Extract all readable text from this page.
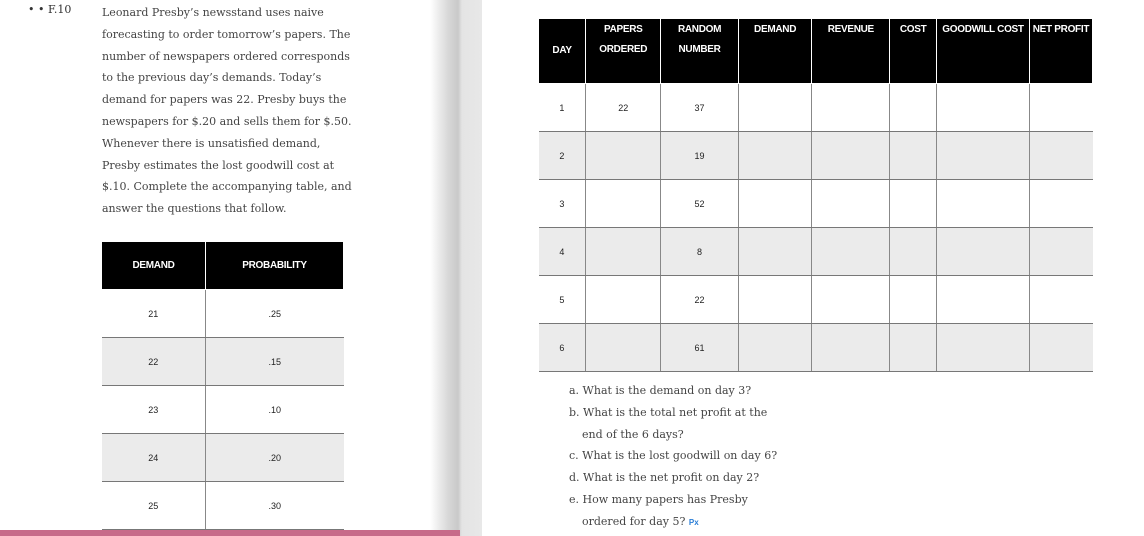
• • F.10	Leonard Presby’s newsstand uses naive forecasting to order tomorrow’s papers. The number of newspapers ordered corresponds to the previous day’s demands. Today’s demand for papers was 22. Presby buys the newspapers for $.20 and sells them for $.50. Whenever there is unsatisfied demand, Presby estimates the lost goodwill cost at $.10. Complete the accompanying table, and answer the questions that follow.
DEMAND	PROBABILITY
21	.25
22	.15
23	.10
24	.20
25	.30
DAY	PAPERS ORDERED	RANDOM NUMBER	DEMAND	REVENUE	COST	GOODWILL COST	NET PROFIT
1	22	37					
2		19					
3		52					
4		8					
5		22					
6		61					
a. What is the demand on day 3?
b. What is the total net profit at the
end of the 6 days?
c. What is the lost goodwill on day 6?
d. What is the net profit on day 2?
e. How many papers has Presby
ordered for day 5? Px
